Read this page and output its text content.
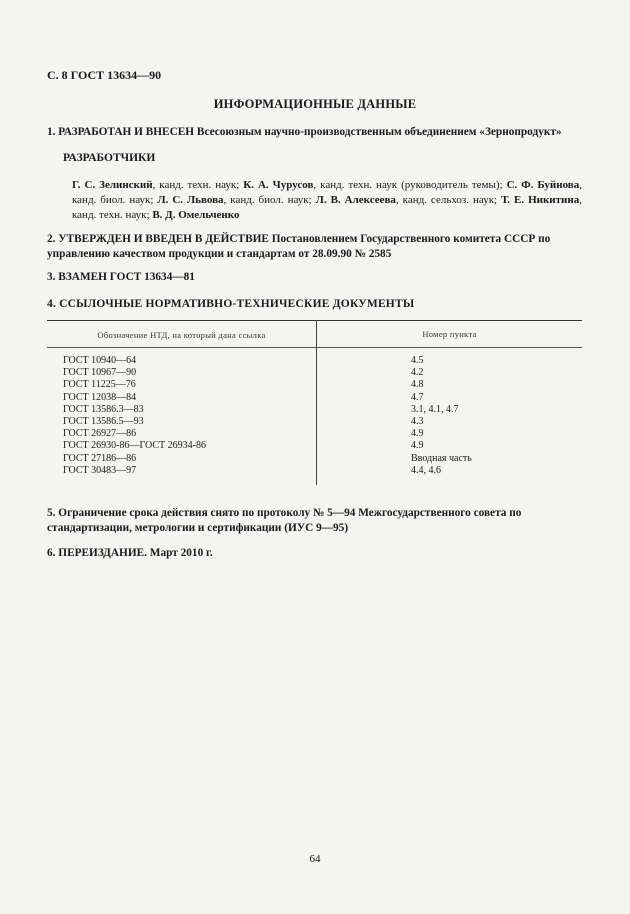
С. 8 ГОСТ 13634—90
ИНФОРМАЦИОННЫЕ ДАННЫЕ
1. РАЗРАБОТАН И ВНЕСЕН Всесоюзным научно-производственным объединением «Зернопродукт»
РАЗРАБОТЧИКИ
Г. С. Зелинский, канд. техн. наук; К. А. Чурусов, канд. техн. наук (руководитель темы); С. Ф. Буйнова, канд. биол. наук; Л. С. Львова, канд. биол. наук; Л. В. Алексеева, канд. сельхоз. наук; Т. Е. Никитина, канд. техн. наук; В. Д. Омельченко
2. УТВЕРЖДЕН И ВВЕДЕН В ДЕЙСТВИЕ Постановлением Государственного комитета СССР по управлению качеством продукции и стандартам от 28.09.90 № 2585
3. ВЗАМЕН ГОСТ 13634—81
4. ССЫЛОЧНЫЕ НОРМАТИВНО-ТЕХНИЧЕСКИЕ ДОКУМЕНТЫ
Обозначение НТД, на который дана ссылка	Номер пункта
ГОСТ 10940—64
ГОСТ 10967—90
ГОСТ 11225—76
ГОСТ 12038—84
ГОСТ 13586.3—83
ГОСТ 13586.5—93
ГОСТ 26927—86
ГОСТ 26930-86—ГОСТ 26934-86
ГОСТ 27186—86
ГОСТ 30483—97
4.5
4.2
4.8
4.7
3.1, 4.1, 4.7
4.3
4.9
4.9
Вводная часть
4.4, 4.6
5. Ограничение срока действия снято по протоколу № 5—94 Межгосударственного совета по стандартизации, метрологии и сертификации (ИУС 9—95)
6. ПЕРЕИЗДАНИЕ. Март 2010 г.
64
